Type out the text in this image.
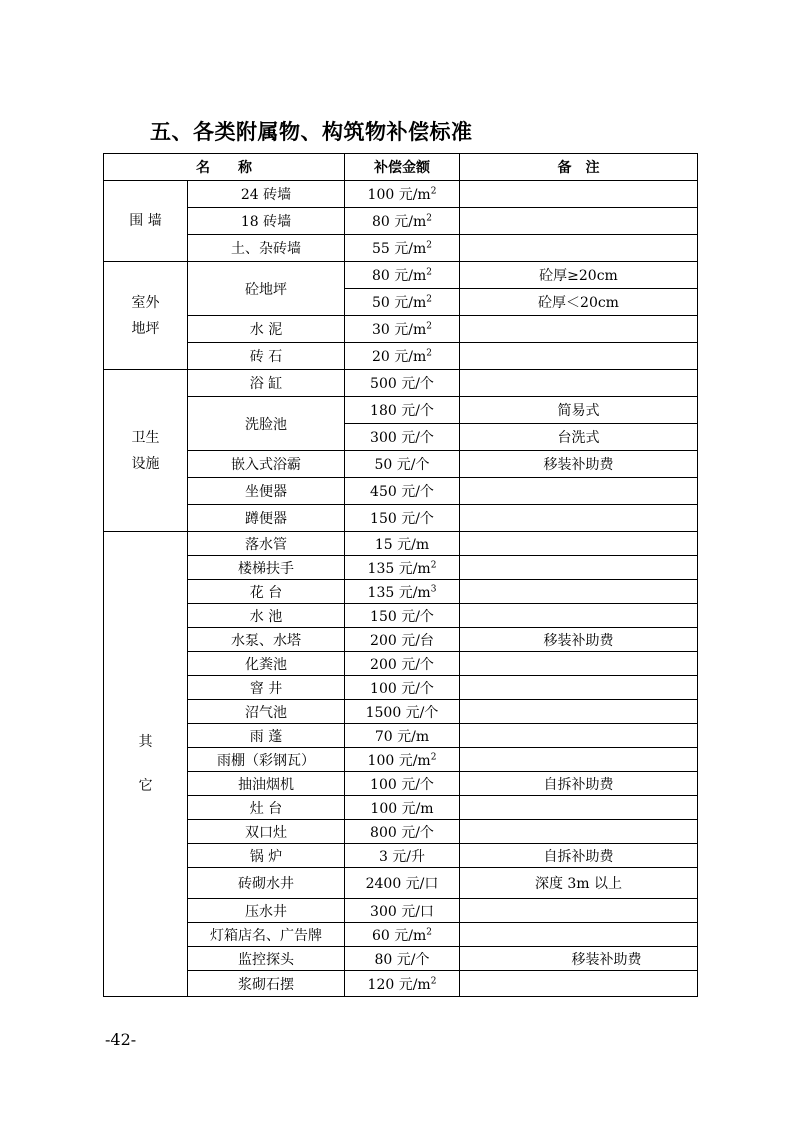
五、各类附属物、构筑物补偿标准
名　　称		补偿金额	备　注

围 墙	24 砖墙	100 元$/m^2$	
	18 砖墙	80 元$/m^2$	
	土、杂砖墙	55 元$/m^2$	

室外
地坪	砼地坪	80 元$/m^2$	砼厚≥20cm
		50 元$/m^2$	砼厚＜20cm
	水 泥	30 元$/m^2$	
	砖 石	20 元$/m^2$	

卫生
设施	浴 缸	500 元/个	
	洗脸池	180 元/个	简易式
		300 元/个	台洗式
	嵌入式浴霸	50 元/个	移装补助费
	坐便器	450 元/个	
	蹲便器	150 元/个	

其
它	落水管	15 元/m	
	楼梯扶手	135 元$/m^2$	
	花 台	135 元$/m^3$	
	水 池	150 元/个	
	水泵、水塔	200 元/台	移装补助费
	化粪池	200 元/个	
	窨 井	100 元/个	
	沼气池	1500 元/个	
	雨 蓬	70 元/m	
	雨棚（彩钢瓦）	100 元$/m^2$	
	抽油烟机	100 元/个	自拆补助费
	灶 台	100 元/m	
	双口灶	800 元/个	
	锅 炉	3 元/升	自拆补助费
	砖砌水井	2400 元/口	深度 3m 以上
	压水井	300 元/口	
	灯箱店名、广告牌	60 元$/m^2$	
	监控探头	80 元/个	　　　　移装补助费
	浆砌石摆	120 元$/m^2$	
-42-
